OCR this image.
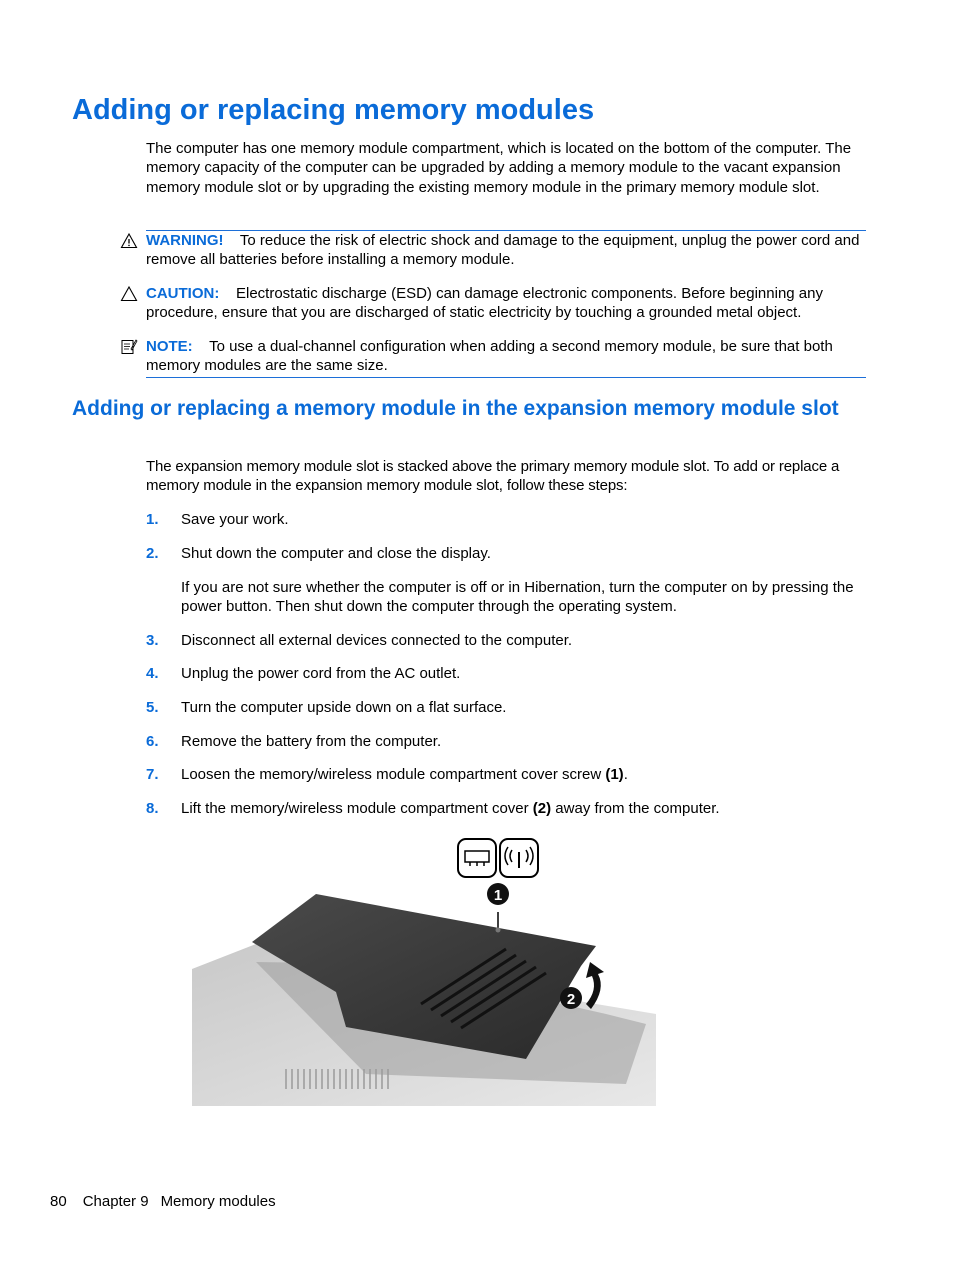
Adding or replacing memory modules

The computer has one memory module compartment, which is located on the bottom of the computer. The memory capacity of the computer can be upgraded by adding a memory module to the vacant expansion memory module slot or by upgrading the existing memory module in the primary memory module slot.

WARNING! To reduce the risk of electric shock and damage to the equipment, unplug the power cord and remove all batteries before installing a memory module.
CAUTION: Electrostatic discharge (ESD) can damage electronic components. Before beginning any procedure, ensure that you are discharged of static electricity by touching a grounded metal object.
NOTE: To use a dual-channel configuration when adding a second memory module, be sure that both memory modules are the same size.
Adding or replacing a memory module in the expansion memory module slot

The expansion memory module slot is stacked above the primary memory module slot. To add or replace a memory module in the expansion memory module slot, follow these steps:

1.	Save your work.
2.	Shut down the computer and close the display.
If you are not sure whether the computer is off or in Hibernation, turn the computer on by pressing the power button. Then shut down the computer through the operating system.
3.	Disconnect all external devices connected to the computer.
4.	Unplug the power cord from the AC outlet.
5.	Turn the computer upside down on a flat surface.
6.	Remove the battery from the computer.
7.	Loosen the memory/wireless module compartment cover screw (1).
8.	Lift the memory/wireless module compartment cover (2) away from the computer.
1
2
80 Chapter 9 Memory modules
